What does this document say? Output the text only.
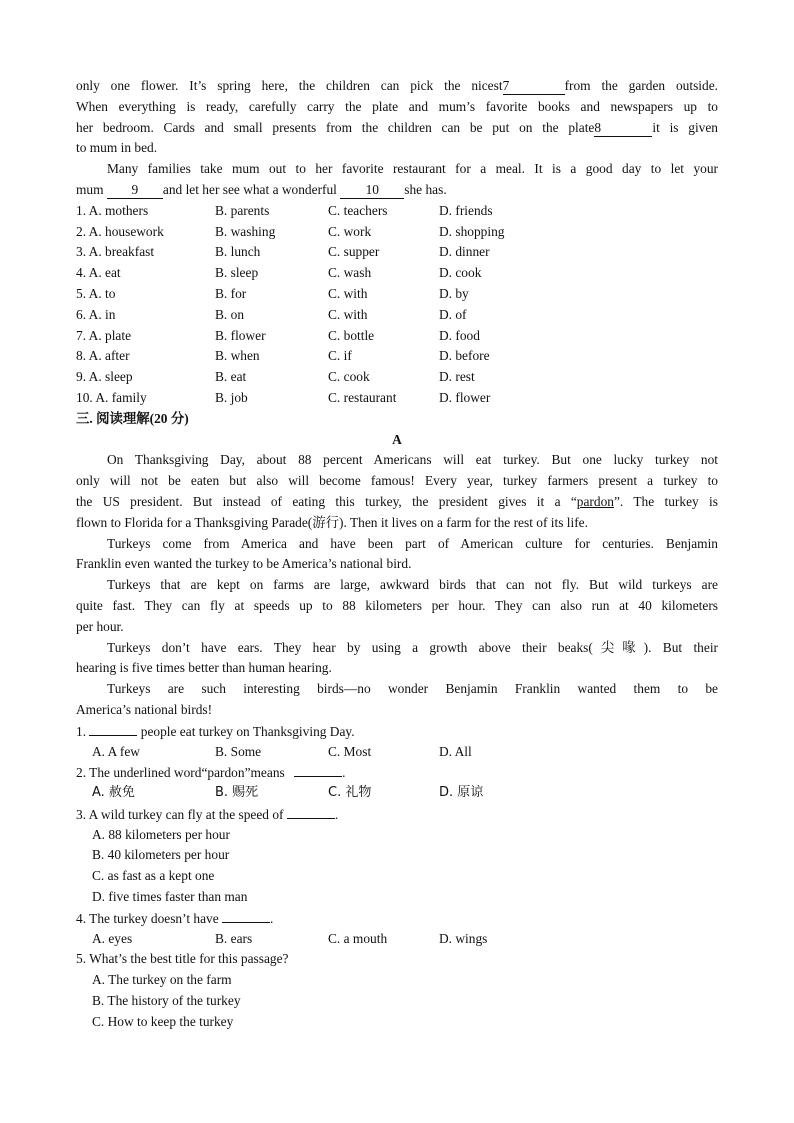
only one flower. It’s spring here, the children can pick the nicest7	from the garden outside.
When everything is ready, carefully carry the plate and mum’s favorite books and newspapers up to
her bedroom. Cards and small presents from the children can be put on the plate8	it is given
to mum in bed.
Many families take mum out to her favorite restaurant for a meal. It is a good day to let your
mum 9 and let her see what a wonderful 10 she has.
1. A. mothers	B. parents	C. teachers	D. friends
2. A. housework	B. washing	C. work	D. shopping
3. A. breakfast	B. lunch	C. supper	D. dinner
4. A. eat	B. sleep	C. wash	D. cook
5. A. to	B. for	C. with	D. by
6. A. in	B. on	C. with	D. of
7. A. plate	B. flower	C. bottle	D. food
8. A. after	B. when	C. if	D. before
9. A. sleep	B. eat	C. cook	D. rest
10. A. family	B. job	C. restaurant	D. flower
三. 阅读理解(20 分)
A
On Thanksgiving Day, about 88 percent Americans will eat turkey. But one lucky turkey not
only will not be eaten but also will become famous! Every year, turkey farmers present a turkey to
the US president. But instead of eating this turkey, the president gives it a “pardon”. The turkey is
flown to Florida for a Thanksgiving Parade(游行). Then it lives on a farm for the rest of its life.
Turkeys come from America and have been part of American culture for centuries. Benjamin
Franklin even wanted the turkey to be America’s national bird.
Turkeys that are kept on farms are large, awkward birds that can not fly. But wild turkeys are
quite fast. They can fly at speeds up to 88 kilometers per hour. They can also run at 40 kilometers
per hour.
Turkeys don’t have ears. They hear by using a growth above their beaks(尖喙). But their
hearing is five times better than human hearing.
Turkeys are such interesting birds—no wonder Benjamin Franklin wanted them to be
America’s national birds!
1.	people eat turkey on Thanksgiving Day.
A. A few	B. Some	C. Most	D. All
2. The underlined word“pardon”means	.
A. 赦免	B. 赐死	C. 礼物	D. 原谅
3. A wild turkey can fly at the speed of	.
A. 88 kilometers per hour
B. 40 kilometers per hour
C. as fast as a kept one
D. five times faster than man
4. The turkey doesn’t have	.
A. eyes	B. ears	C. a mouth	D. wings
5. What’s the best title for this passage?
A. The turkey on the farm
B. The history of the turkey
C. How to keep the turkey
